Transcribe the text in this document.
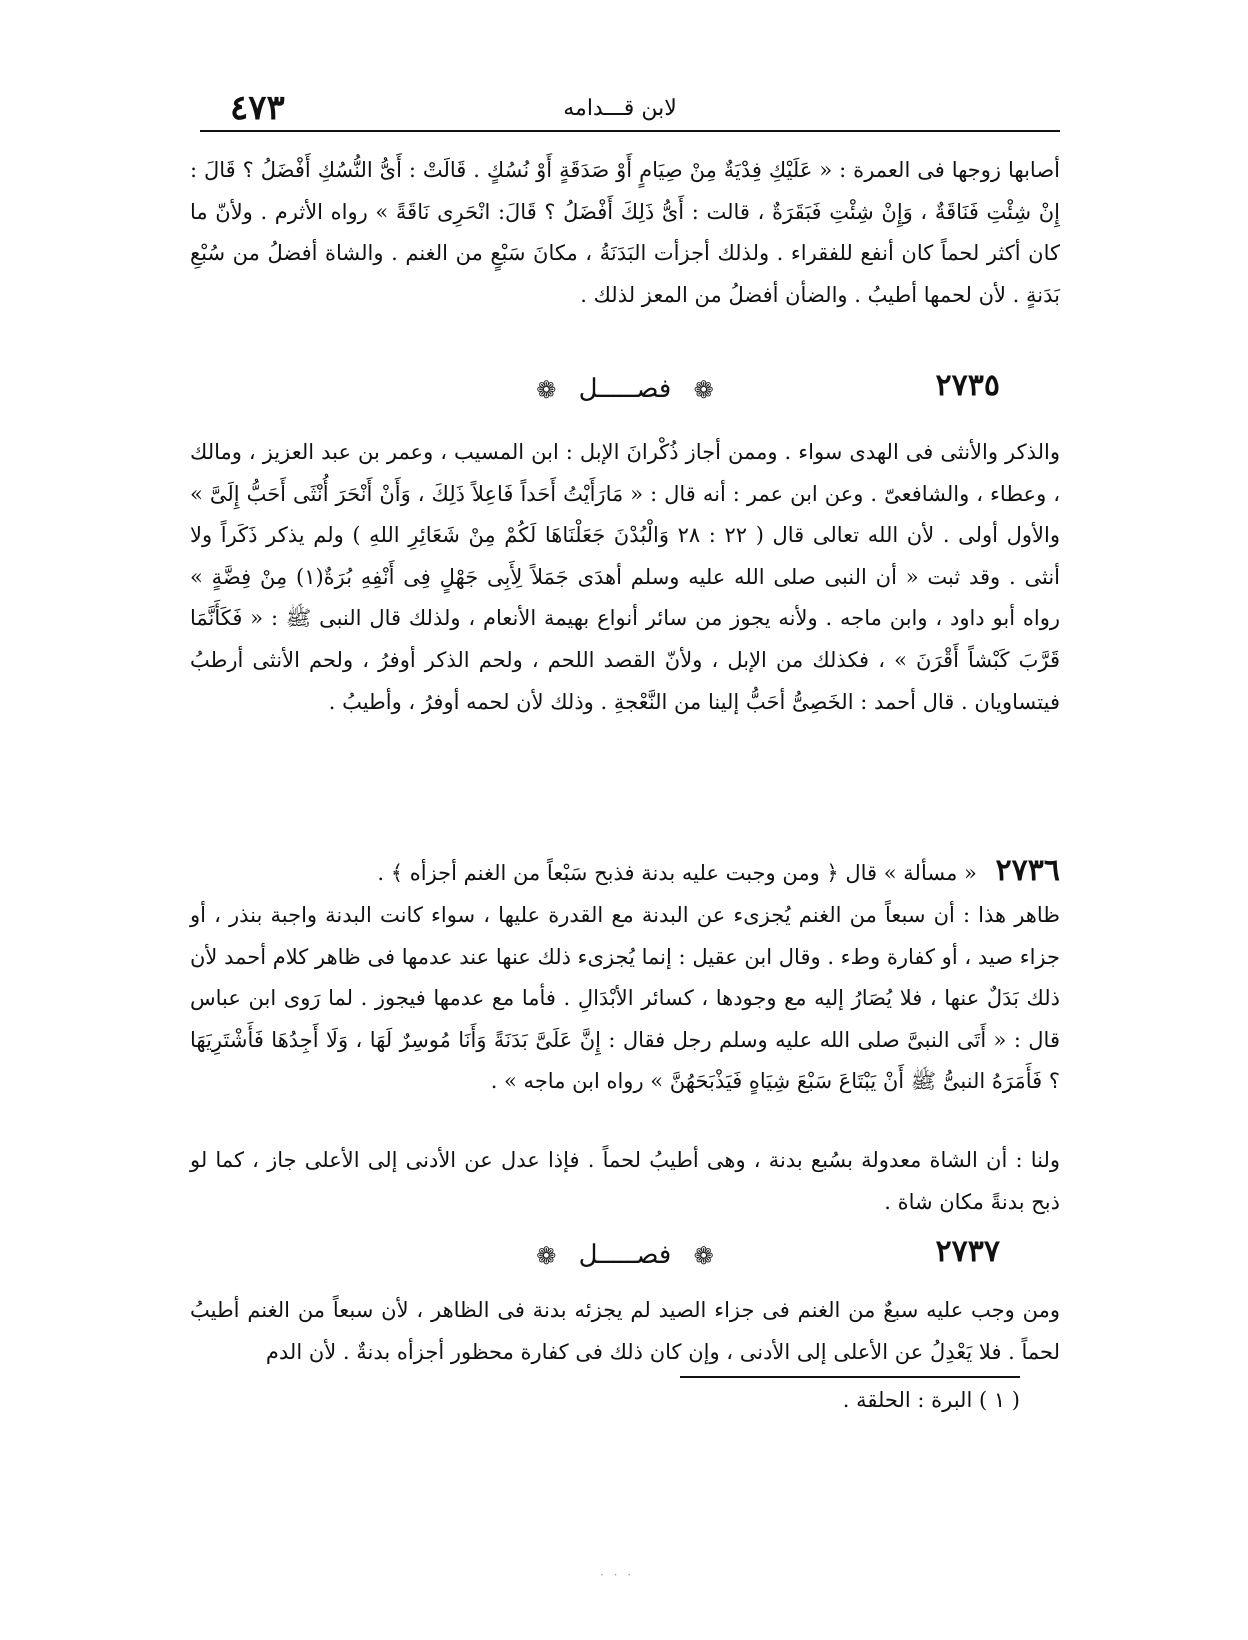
٤٧٣	لابن قـــدامه
أصابها زوجها فى العمرة : « عَلَيْكِ فِدْيَةٌ مِنْ صِيَامٍ أَوْ صَدَقَةٍ أَوْ نُسُكٍ . قَالَتْ : أَىُّ النُّسُكِ أَفْضَلُ ؟ قَالَ : إِنْ شِئْتِ فَنَاقَةٌ ، وَإِنْ شِئْتِ فَبَقَرَةٌ ، قالت : أَىُّ ذَلِكَ أَفْضَلُ ؟ قَالَ: انْحَرِى نَاقَةً » رواه الأثرم . ولأنّ ما كان أكثر لحماً كان أنفع للفقراء . ولذلك أجزأت البَدَنَةُ ، مكانَ سَبْعٍ من الغنم . والشاة أفضلُ من سُبْعِ بَدَنةٍ . لأن لحمها أطيبُ . والضأن أفضلُ من المعز لذلك .
٢٧٣٥
❁ فصـــــل ❁
والذكر والأنثى فى الهدى سواء . وممن أجاز ذُكْرانَ الإبل : ابن المسيب ، وعمر بن عبد العزيز ، ومالك ، وعطاء ، والشافعىّ . وعن ابن عمر : أنه قال : « مَارَأَيْتُ أَحَداً فَاعِلاً ذَلِكَ ، وَأَنْ أَنْحَرَ أُنْثَى أَحَبُّ إِلَىَّ » والأول أولى . لأن الله تعالى قال ( ٢٢ : ٢٨ وَالْبُدْنَ جَعَلْنَاهَا لَكُمْ مِنْ شَعَائِرِ اللهِ ) ولم يذكر ذَكَراً ولا أنثى . وقد ثبت « أن النبى صلى الله عليه وسلم أهدَى جَمَلاً لِأَبِى جَهْلٍ فِى أَنْفِهِ بُرَةٌ(١) مِنْ فِضَّةٍ » رواه أبو داود ، وابن ماجه . ولأنه يجوز من سائر أنواع بهيمة الأنعام ، ولذلك قال النبى ﷺ : « فَكَأَنَّمَا قَرَّبَ كَبْشاً أَقْرَنَ » ، فكذلك من الإبل ، ولأنّ القصد اللحم ، ولحم الذكر أوفرُ ، ولحم الأنثى أرطبُ فيتساويان . قال أحمد : الخَصِىُّ أحَبُّ إلينا من النَّعْجةِ . وذلك لأن لحمه أوفرُ ، وأطيبُ .
٢٧٣٦ « مسألة » قال ﴿ ومن وجبت عليه بدنة فذبح سَبْعاً من الغنم أجزأه ﴾ .
ظاهر هذا : أن سبعاً من الغنم يُجزىء عن البدنة مع القدرة عليها ، سواء كانت البدنة واجبة بنذر ، أو جزاء صيد ، أو كفارة وطء . وقال ابن عقيل : إنما يُجزىء ذلك عنها عند عدمها فى ظاهر كلام أحمد لأن ذلك بَدَلٌ عنها ، فلا يُصَارُ إليه مع وجودها ، كسائر الأبْدَالِ . فأما مع عدمها فيجوز . لما رَوى ابن عباس قال : « أَتَى النبىَّ صلى الله عليه وسلم رجل فقال : إِنَّ عَلَىَّ بَدَنَةً وَأَنَا مُوسِرٌ لَهَا ، وَلَا أَجِدُهَا فَأَشْتَرِيَهَا ؟ فَأَمَرَهُ النبىُّ ﷺ أَنْ يَبْتَاعَ سَبْعَ شِيَاهٍ فَيَذْبَحَهُنَّ » رواه ابن ماجه » .
ولنا : أن الشاة معدولة بسُبع بدنة ، وهى أطيبُ لحماً . فإذا عدل عن الأدنى إلى الأعلى جاز ، كما لو ذبح بدنةً مكان شاة .
٢٧٣٧
❁ فصـــــل ❁
ومن وجب عليه سبعٌ من الغنم فى جزاء الصيد لم يجزئه بدنة فى الظاهر ، لأن سبعاً من الغنم أطيبُ لحماً . فلا يَعْدِلُ عن الأعلى إلى الأدنى ، وإن كان ذلك فى كفارة محظور أجزأه بدنةٌ . لأن الدم
( ١ ) البرة : الحلقة .
· · ·
